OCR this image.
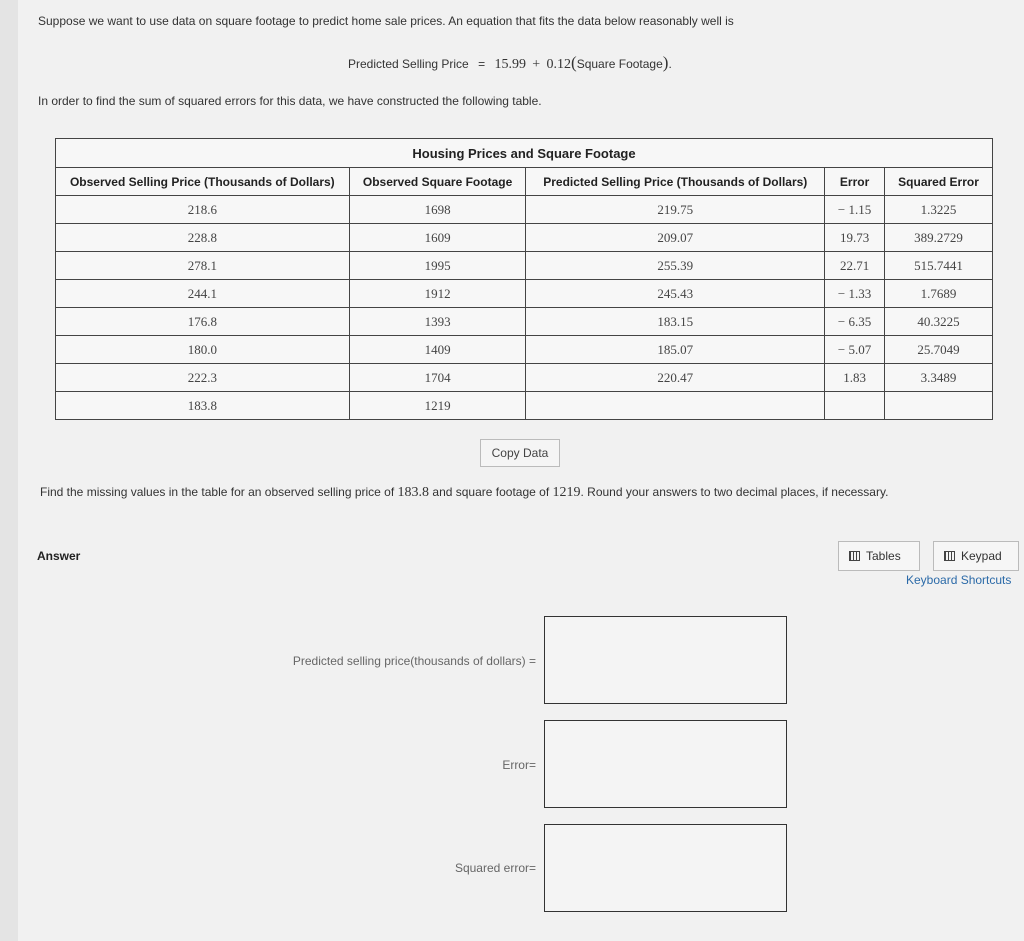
Suppose we want to use data on square footage to predict home sale prices. An equation that fits the data below reasonably well is
Predicted Selling Price = 15.99 + 0.12(Square Footage).
In order to find the sum of squared errors for this data, we have constructed the following table.
Housing Prices and Square Footage				
Observed Selling Price (Thousands of Dollars)	Observed Square Footage	Predicted Selling Price (Thousands of Dollars)	Error	Squared Error
218.6	1698	219.75	− 1.15	1.3225
228.8	1609	209.07	19.73	389.2729
278.1	1995	255.39	22.71	515.7441
244.1	1912	245.43	− 1.33	1.7689
176.8	1393	183.15	− 6.35	40.3225
180.0	1409	185.07	− 5.07	25.7049
222.3	1704	220.47	1.83	3.3489
183.8	1219			
Copy Data
Find the missing values in the table for an observed selling price of 183.8 and square footage of 1219. Round your answers to two decimal places, if necessary.
Answer	Tables	Keypad
Keyboard Shortcuts
Predicted selling price(thousands of dollars) =
Error=
Squared error=
